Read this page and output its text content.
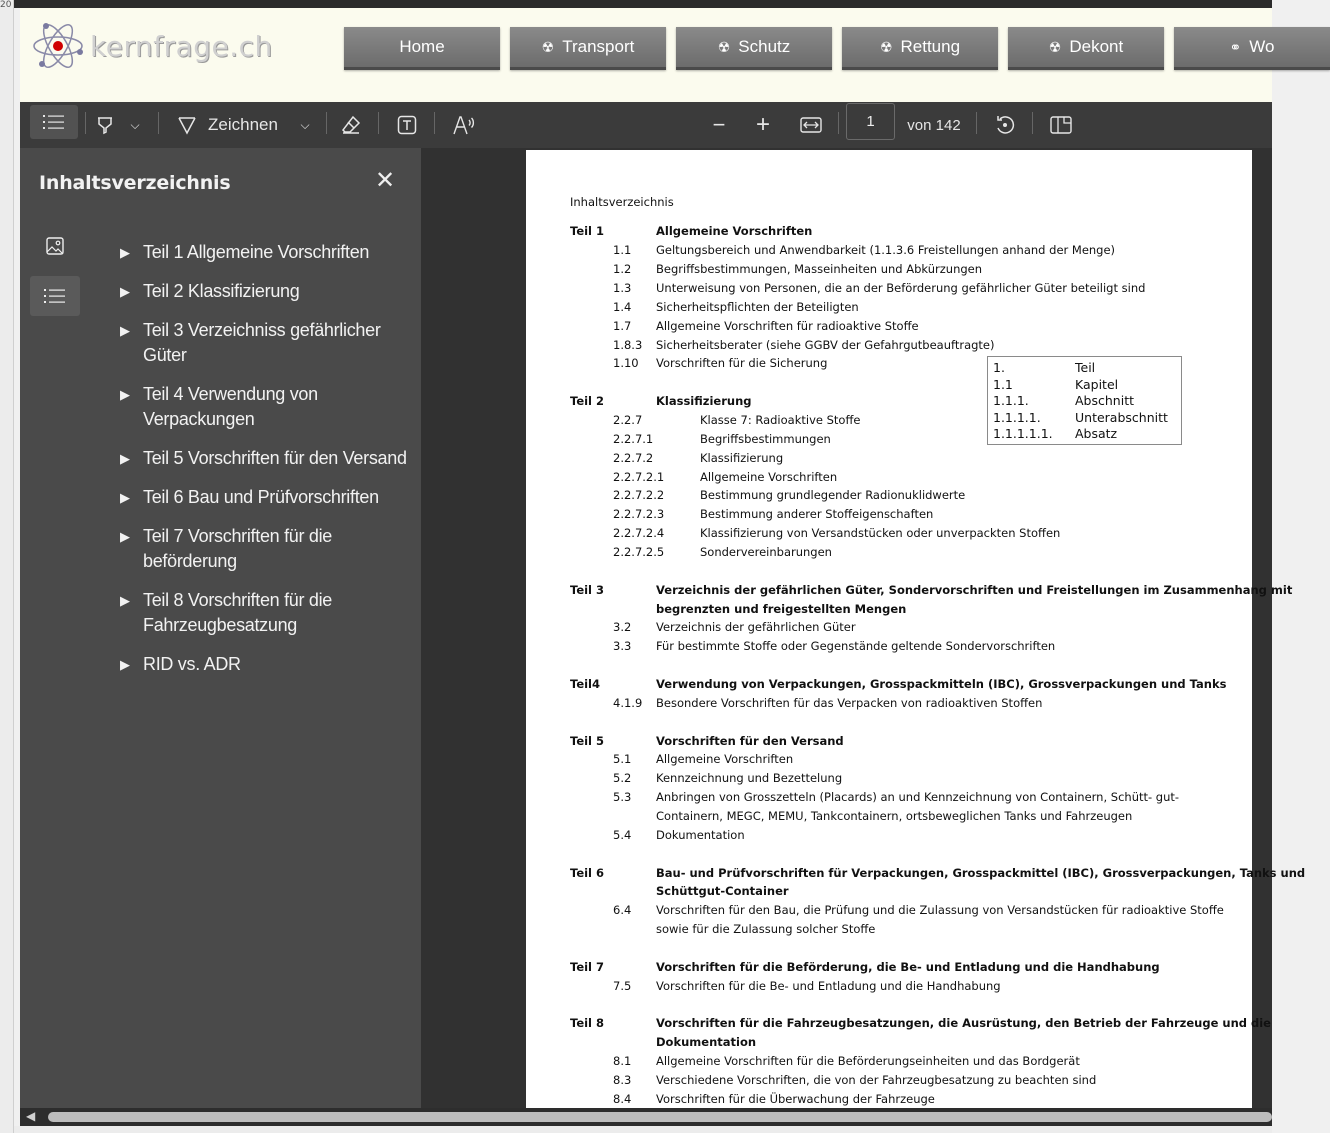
20
kernfrage.ch	Home	☢ Transport	☢ Schutz	☢ Rettung	☢ Dekont	⚭ Wo
⌵	Zeichnen	⌵	− +	1	von 142
Inhaltsverzeichnis	✕
▶ Teil 1 Allgemeine Vorschriften
▶ Teil 2 Klassifizierung
▶ Teil 3 Verzeichniss gefährlicher Güter
▶ Teil 4 Verwendung von Verpackungen
▶ Teil 5 Vorschriften für den Versand
▶ Teil 6 Bau und Prüfvorschriften
▶ Teil 7 Vorschriften für die beförderung
▶ Teil 8 Vorschriften für die Fahrzeugbesatzung
▶ RID vs. ADR
Inhaltsverzeichnis
1.	Teil
1.1	Kapitel
1.1.1.	Abschnitt
1.1.1.1.	Unterabschnitt
1.1.1.1.1. Absatz
Teil 1	Allgemeine Vorschriften
1.1 Geltungsbereich und Anwendbarkeit (1.1.3.6 Freistellungen anhand der Menge)
1.2 Begriffsbestimmungen, Masseinheiten und Abkürzungen
1.3 Unterweisung von Personen, die an der Beförderung gefährlicher Güter beteiligt sind
1.4 Sicherheitspflichten der Beteiligten
1.7 Allgemeine Vorschriften für radioaktive Stoffe
1.8.3 Sicherheitsberater (siehe GGBV der Gefahrgutbeauftragte)
1.10 Vorschriften für die Sicherung
Teil 2	Klassifizierung
2.2.7	Klasse 7: Radioaktive Stoffe
2.2.7.1	Begriffsbestimmungen
2.2.7.2	Klassifizierung
2.2.7.2.1	Allgemeine Vorschriften
2.2.7.2.2	Bestimmung grundlegender Radionuklidwerte
2.2.7.2.3	Bestimmung anderer Stoffeigenschaften
2.2.7.2.4	Klassifizierung von Versandstücken oder unverpackten Stoffen
2.2.7.2.5	Sondervereinbarungen
Teil 3	Verzeichnis der gefährlichen Güter, Sondervorschriften und Freistellungen im Zusammenhang mit
begrenzten und freigestellten Mengen
3.2 Verzeichnis der gefährlichen Güter
3.3 Für bestimmte Stoffe oder Gegenstände geltende Sondervorschriften
Teil4	Verwendung von Verpackungen, Grosspackmitteln (IBC), Grossverpackungen und Tanks
4.1.9 Besondere Vorschriften für das Verpacken von radioaktiven Stoffen
Teil 5	Vorschriften für den Versand
5.1 Allgemeine Vorschriften
5.2 Kennzeichnung und Bezettelung
5.3 Anbringen von Grosszetteln (Placards) an und Kennzeichnung von Containern, Schütt- gut-
Containern, MEGC, MEMU, Tankcontainern, ortsbeweglichen Tanks und Fahrzeugen
5.4 Dokumentation
Teil 6	Bau- und Prüfvorschriften für Verpackungen, Grosspackmittel (IBC), Grossverpackungen, Tanks und
Schüttgut-Container
6.4 Vorschriften für den Bau, die Prüfung und die Zulassung von Versandstücken für radioaktive Stoffe
sowie für die Zulassung solcher Stoffe
Teil 7	Vorschriften für die Beförderung, die Be- und Entladung und die Handhabung
7.5 Vorschriften für die Be- und Entladung und die Handhabung
Teil 8	Vorschriften für die Fahrzeugbesatzungen, die Ausrüstung, den Betrieb der Fahrzeuge und die
Dokumentation
8.1 Allgemeine Vorschriften für die Beförderungseinheiten und das Bordgerät
8.3 Verschiedene Vorschriften, die von der Fahrzeugbesatzung zu beachten sind
8.4 Vorschriften für die Überwachung der Fahrzeuge
◀
